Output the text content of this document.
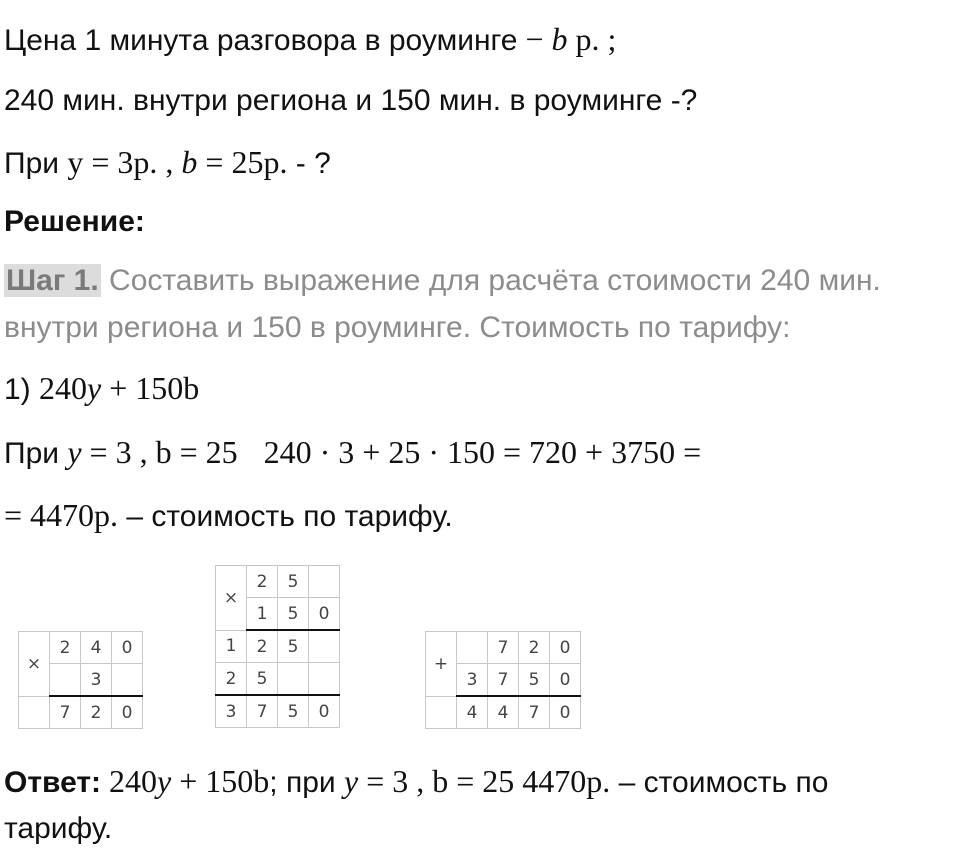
Цена 1 минута разговора в роуминге − b р. ;
240 мин. внутри региона и 150 мин. в роуминге -?
При у = 3р. , b = 25р. - ?
Решение:
Шаг 1. Составить выражение для расчёта стоимости 240 мин.
внутри региона и 150 в роуминге. Стоимость по тарифу:
1) 240y + 150b
При y = 3 , b = 25 240 · 3 + 25 · 150 = 720 + 3750 =
= 4470р. – стоимость по тарифу.
×	2	4	0
		3	
	7	2	0
×	2	5	
	1	5	0
1	2	5	
2	5		
3	7	5	0
+		7	2	0
	3	7	5	0
	4	4	7	0
Ответ: 240y + 150b; при y = 3 , b = 25 4470р. – стоимость по
тарифу.
